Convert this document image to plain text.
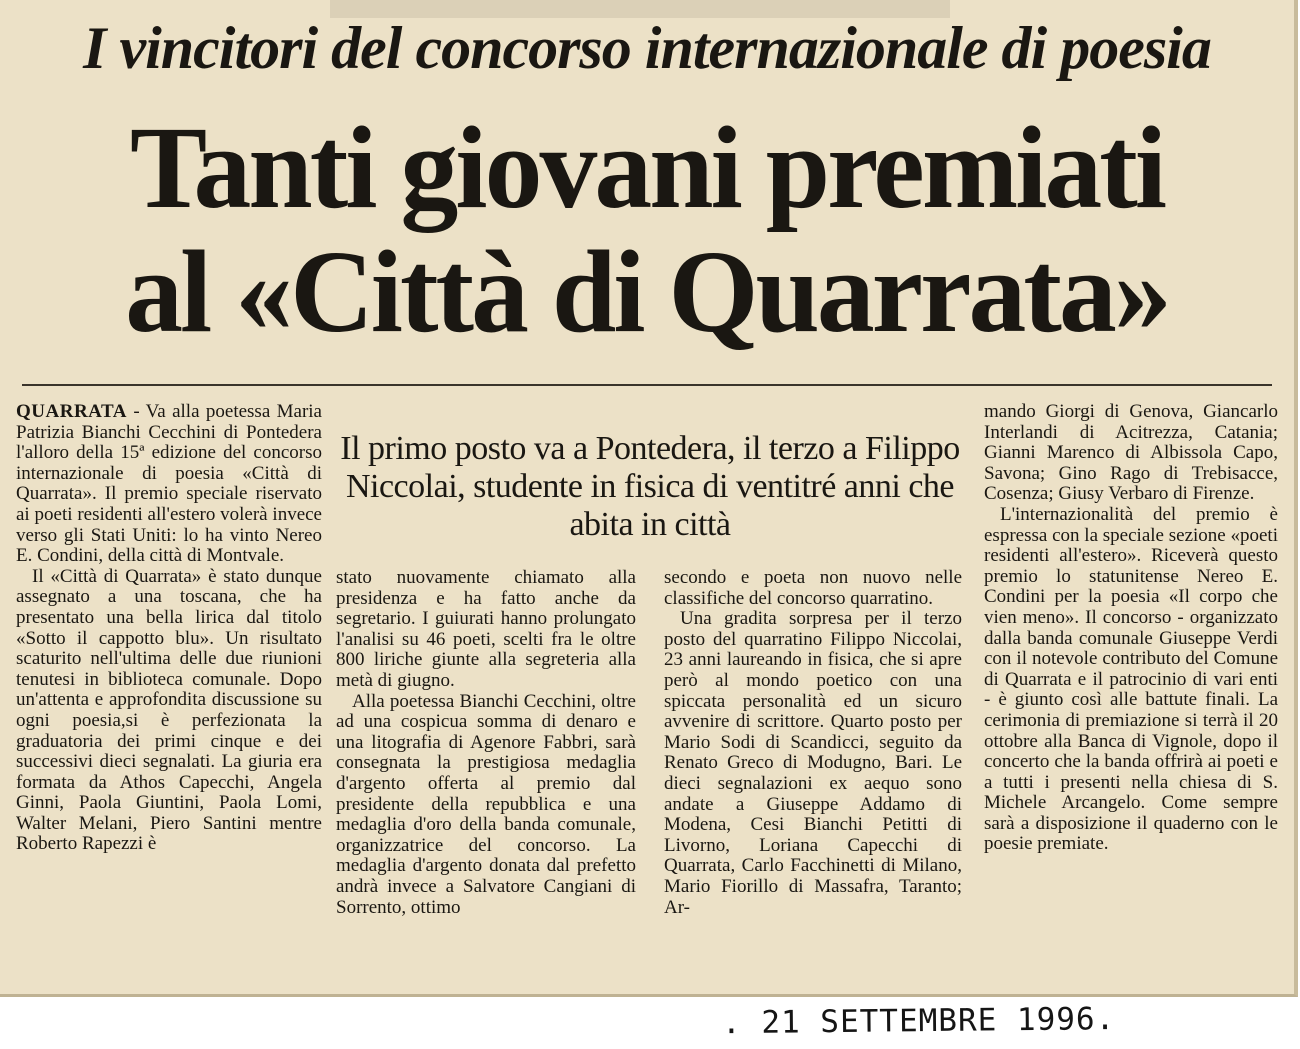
I vincitori del concorso internazionale di poesia
Tanti giovani premiati
al «Città di Quarrata»
Il primo posto va a Pontedera, il terzo a Filippo Niccolai, studente in fisica di ventitré anni che abita in città

QUARRATA - Va alla poetessa Maria Patrizia Bianchi Cecchini di Pontedera l'alloro della 15ª edizione del concorso internazionale di poesia «Città di Quarrata». Il premio speciale riservato ai poeti residenti all'estero volerà invece verso gli Stati Uniti: lo ha vinto Nereo E. Condini, della città di Montvale.

Il «Città di Quarrata» è stato dunque assegnato a una toscana, che ha presentato una bella lirica dal titolo «Sotto il cappotto blu». Un risultato scaturito nell'ultima delle due riunioni tenutesi in biblioteca comunale. Dopo un'attenta e approfondita discussione su ogni poesia,si è perfezionata la graduatoria dei primi cinque e dei successivi dieci segnalati. La giuria era formata da Athos Capecchi, Angela Ginni, Paola Giuntini, Paola Lomi, Walter Melani, Piero Santini mentre Roberto Rapezzi è

stato nuovamente chiamato alla presidenza e ha fatto anche da segretario. I guiurati hanno prolungato l'analisi su 46 poeti, scelti fra le oltre 800 liriche giunte alla segreteria alla metà di giugno.

Alla poetessa Bianchi Cecchini, oltre ad una cospicua somma di denaro e una litografia di Agenore Fabbri, sarà consegnata la prestigiosa medaglia d'argento offerta al premio dal presidente della repubblica e una medaglia d'oro della banda comunale, organizzatrice del concorso. La medaglia d'argento donata dal prefetto andrà invece a Salvatore Cangiani di Sorrento, ottimo

secondo e poeta non nuovo nelle classifiche del concorso quarratino.

Una gradita sorpresa per il terzo posto del quarratino Filippo Niccolai, 23 anni laureando in fisica, che si apre però al mondo poetico con una spiccata personalità ed un sicuro avvenire di scrittore. Quarto posto per Mario Sodi di Scandicci, seguito da Renato Greco di Modugno, Bari. Le dieci segnalazioni ex aequo sono andate a Giuseppe Addamo di Modena, Cesi Bianchi Petitti di Livorno, Loriana Capecchi di Quarrata, Carlo Facchinetti di Milano, Mario Fiorillo di Massafra, Taranto; Ar-

mando Giorgi di Genova, Giancarlo Interlandi di Acitrezza, Catania; Gianni Marenco di Albissola Capo, Savona; Gino Rago di Trebisacce, Cosenza; Giusy Verbaro di Firenze.

L'internazionalità del premio è espressa con la speciale sezione «poeti residenti all'estero». Riceverà questo premio lo statunitense Nereo E. Condini per la poesia «Il corpo che vien meno». Il concorso - organizzato dalla banda comunale Giuseppe Verdi con il notevole contributo del Comune di Quarrata e il patrocinio di vari enti - è giunto così alle battute finali. La cerimonia di premiazione si terrà il 20 ottobre alla Banca di Vignole, dopo il concerto che la banda offrirà ai poeti e a tutti i presenti nella chiesa di S. Michele Arcangelo. Come sempre sarà a disposizione il quaderno con le poesie premiate.

. 21 SETTEMBRE 1996.
